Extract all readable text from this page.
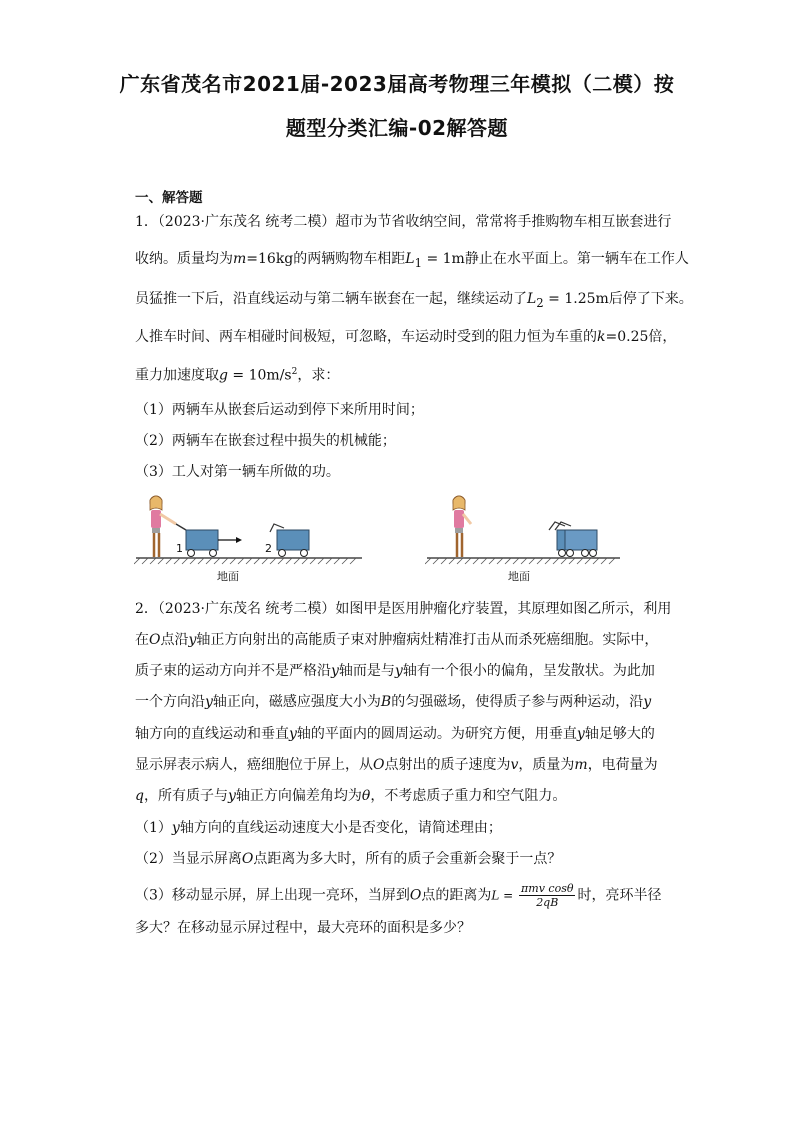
广东省茂名市2021届-2023届高考物理三年模拟（二模）按
题型分类汇编-02解答题
一、解答题
1．（2023·广东茂名 统考二模）超市为节省收纳空间，常常将手推购物车相互嵌套进行
收纳。质量均为m=16kg的两辆购物车相距$L_1 = 1m$静止在水平面上。第一辆车在工作人
员猛推一下后，沿直线运动与第二辆车嵌套在一起，继续运动了$L_2 = 1.25m$后停了下来。
人推车时间、两车相碰时间极短，可忽略，车运动时受到的阻力恒为车重的k=0.25倍，
重力加速度取$g = 10m/s^2$，求：
（1）两辆车从嵌套后运动到停下来所用时间；
（2）两辆车在嵌套过程中损失的机械能；
（3）工人对第一辆车所做的功。
1	2
地面	地面
2．（2023·广东茂名 统考二模）如图甲是医用肿瘤化疗装置，其原理如图乙所示，利用
在O点沿y轴正方向射出的高能质子束对肿瘤病灶精准打击从而杀死癌细胞。实际中，
质子束的运动方向并不是严格沿y轴而是与y轴有一个很小的偏角，呈发散状。为此加
一个方向沿y轴正向，磁感应强度大小为B的匀强磁场，使得质子参与两种运动，沿y
轴方向的直线运动和垂直y轴的平面内的圆周运动。为研究方便，用垂直y轴足够大的
显示屏表示病人，癌细胞位于屏上，从O点射出的质子速度为v，质量为m，电荷量为
q，所有质子与y轴正方向偏差角均为θ，不考虑质子重力和空气阻力。
（1）y轴方向的直线运动速度大小是否变化，请简述理由；
（2）当显示屏离O点距离为多大时，所有的质子会重新会聚于一点？
（3）移动显示屏，屏上出现一亮环，当屏到O点的距离为$L = \frac{\text{πmv cosθ}}{2qB}$ 时，亮环半径
多大？在移动显示屏过程中，最大亮环的面积是多少？
